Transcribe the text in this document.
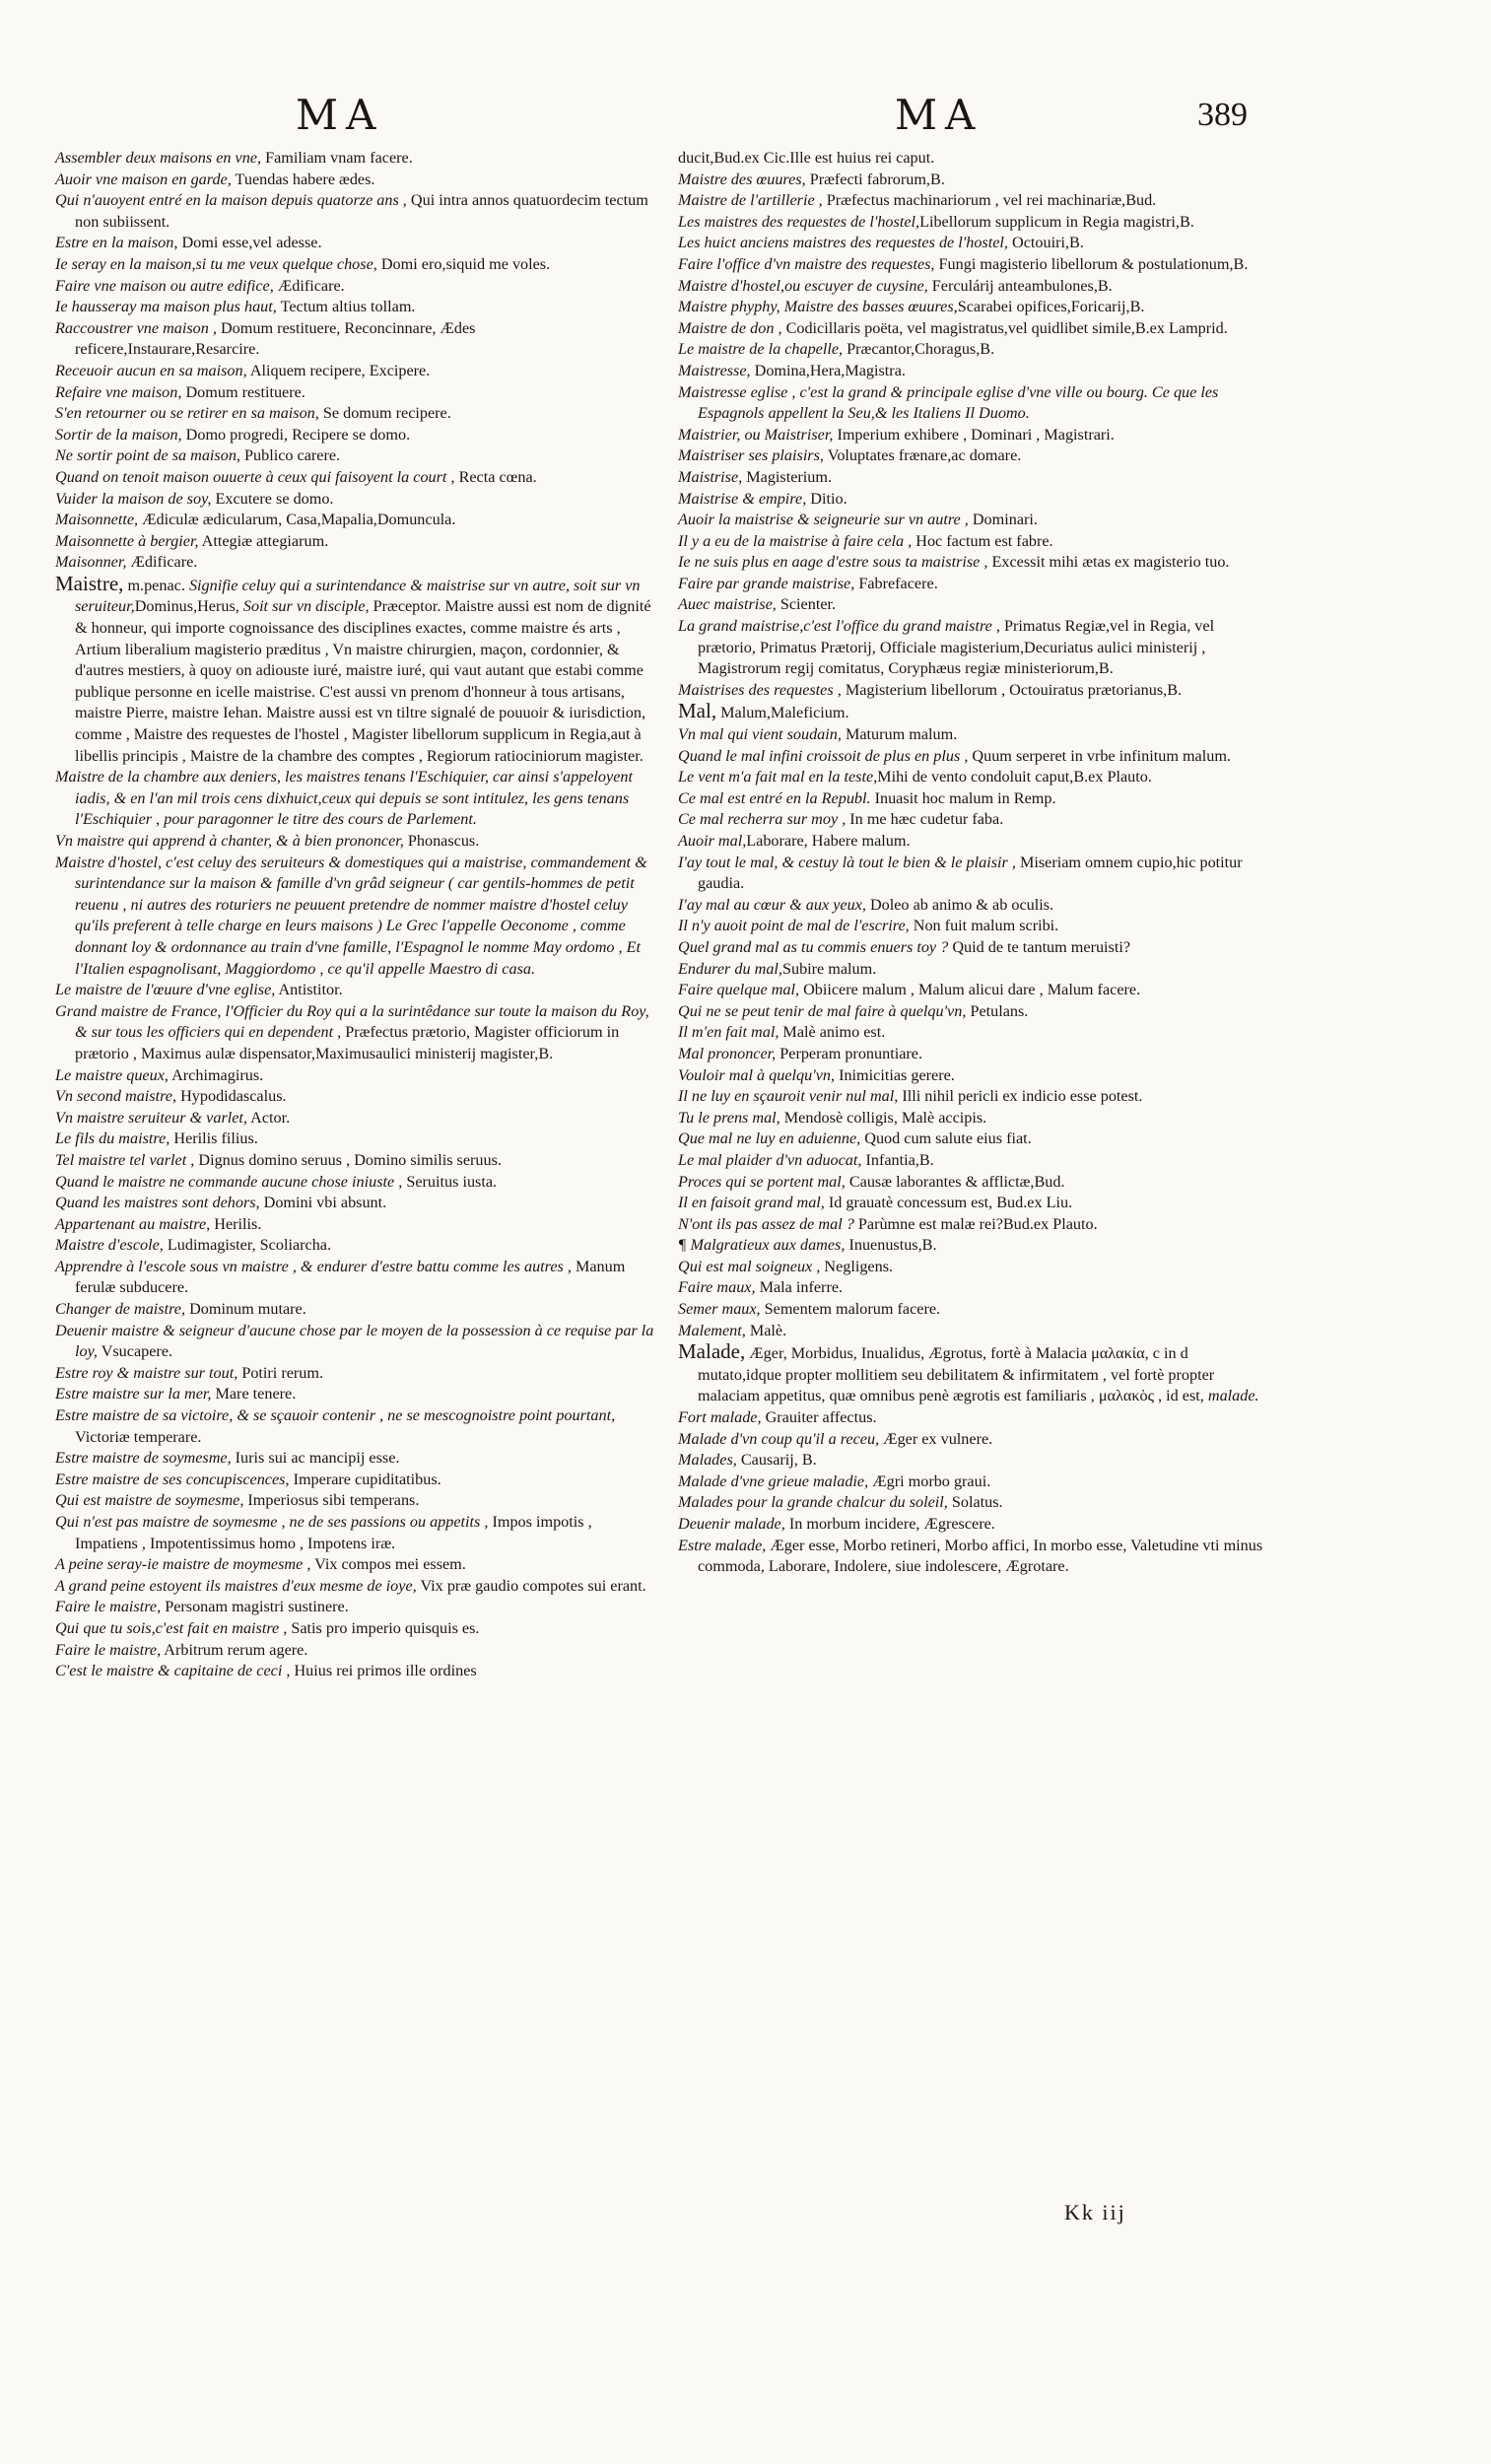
MA	MA	389

Assembler deux maisons en vne, Familiam vnam facere.

Auoir vne maison en garde, Tuendas habere ædes.

Qui n'auoyent entré en la maison depuis quatorze ans , Qui intra annos quatuordecim tectum non subiissent.

Estre en la maison, Domi esse,vel adesse.

Ie seray en la maison,si tu me veux quelque chose, Domi ero,siquid me voles.

Faire vne maison ou autre edifice, Ædificare.

Ie hausseray ma maison plus haut, Tectum altius tollam.

Raccoustrer vne maison , Domum restituere, Reconcinnare, Ædes reficere,Instaurare,Resarcire.

Receuoir aucun en sa maison, Aliquem recipere, Excipere.

Refaire vne maison, Domum restituere.

S'en retourner ou se retirer en sa maison, Se domum recipere.

Sortir de la maison, Domo progredi, Recipere se domo.

Ne sortir point de sa maison, Publico carere.

Quand on tenoit maison ouuerte à ceux qui faisoyent la court , Recta cœna.

Vuider la maison de soy, Excutere se domo.

Maisonnette, Ædiculæ ædicularum, Casa,Mapalia,Domuncula.

Maisonnette à bergier, Attegiæ attegiarum.

Maisonner, Ædificare.

Maistre, m.penac. Signifie celuy qui a surintendance & maistrise sur vn autre, soit sur vn seruiteur,Dominus,Herus, Soit sur vn disciple, Præceptor. Maistre aussi est nom de dignité & honneur, qui importe cognoissance des disciplines exactes, comme maistre és arts , Artium liberalium magisterio præditus , Vn maistre chirurgien, maçon, cordonnier, & d'autres mestiers, à quoy on adiouste iuré, maistre iuré, qui vaut autant que estabi comme publique personne en icelle maistrise. C'est aussi vn prenom d'honneur à tous artisans, maistre Pierre, maistre Iehan. Maistre aussi est vn tiltre signalé de pouuoir & iurisdiction, comme , Maistre des requestes de l'hostel , Magister libellorum supplicum in Regia,aut à libellis principis , Maistre de la chambre des comptes , Regiorum ratiociniorum magister.

Maistre de la chambre aux deniers, les maistres tenans l'Eschiquier, car ainsi s'appeloyent iadis, & en l'an mil trois cens dixhuict,ceux qui depuis se sont intitulez, les gens tenans l'Eschiquier , pour paragonner le titre des cours de Parlement.

Vn maistre qui apprend à chanter, & à bien prononcer, Phonascus.

Maistre d'hostel, c'est celuy des seruiteurs & domestiques qui a maistrise, commandement & surintendance sur la maison & famille d'vn grâd seigneur ( car gentils-hommes de petit reuenu , ni autres des roturiers ne peuuent pretendre de nommer maistre d'hostel celuy qu'ils preferent à telle charge en leurs maisons ) Le Grec l'appelle Oeconome , comme donnant loy & ordonnance au train d'vne famille, l'Espagnol le nomme May ordomo , Et l'Italien espagnolisant, Maggiordomo , ce qu'il appelle Maestro di casa.

Le maistre de l'œuure d'vne eglise, Antistitor.

Grand maistre de France, l'Officier du Roy qui a la surintêdance sur toute la maison du Roy, & sur tous les officiers qui en dependent , Præfectus prætorio, Magister officiorum in prætorio , Maximus aulæ dispensator,Maximusaulici ministerij magister,B.

Le maistre queux, Archimagirus.

Vn second maistre, Hypodidascalus.

Vn maistre seruiteur & varlet, Actor.

Le fils du maistre, Herilis filius.

Tel maistre tel varlet , Dignus domino seruus , Domino similis seruus.

Quand le maistre ne commande aucune chose iniuste , Seruitus iusta.

Quand les maistres sont dehors, Domini vbi absunt.

Appartenant au maistre, Herilis.

Maistre d'escole, Ludimagister, Scoliarcha.

Apprendre à l'escole sous vn maistre , & endurer d'estre battu comme les autres , Manum ferulæ subducere.

Changer de maistre, Dominum mutare.

Deuenir maistre & seigneur d'aucune chose par le moyen de la possession à ce requise par la loy, Vsucapere.

Estre roy & maistre sur tout, Potiri rerum.

Estre maistre sur la mer, Mare tenere.

Estre maistre de sa victoire, & se sçauoir contenir , ne se mescognoistre point pourtant, Victoriæ temperare.

Estre maistre de soymesme, Iuris sui ac mancipij esse.

Estre maistre de ses concupiscences, Imperare cupiditatibus.

Qui est maistre de soymesme, Imperiosus sibi temperans.

Qui n'est pas maistre de soymesme , ne de ses passions ou appetits , Impos impotis , Impatiens , Impotentissimus homo , Impotens iræ.

A peine seray-ie maistre de moymesme , Vix compos mei essem.

A grand peine estoyent ils maistres d'eux mesme de ioye, Vix præ gaudio compotes sui erant.

Faire le maistre, Personam magistri sustinere.

Qui que tu sois,c'est fait en maistre , Satis pro imperio quisquis es.

Faire le maistre, Arbitrum rerum agere.

C'est le maistre & capitaine de ceci , Huius rei primos ille ordines

ducit,Bud.ex Cic.Ille est huius rei caput.

Maistre des œuures, Præfecti fabrorum,B.

Maistre de l'artillerie , Præfectus machinariorum , vel rei machinariæ,Bud.

Les maistres des requestes de l'hostel,Libellorum supplicum in Regia magistri,B.

Les huict anciens maistres des requestes de l'hostel, Octouiri,B.

Faire l'office d'vn maistre des requestes, Fungi magisterio libellorum & postulationum,B.

Maistre d'hostel,ou escuyer de cuysine, Ferculárij anteambulones,B.

Maistre phyphy, Maistre des basses œuures,Scarabei opifices,Foricarij,B.

Maistre de don , Codicillaris poëta, vel magistratus,vel quidlibet simile,B.ex Lamprid.

Le maistre de la chapelle, Præcantor,Choragus,B.

Maistresse, Domina,Hera,Magistra.

Maistresse eglise , c'est la grand & principale eglise d'vne ville ou bourg. Ce que les Espagnols appellent la Seu,& les Italiens Il Duomo.

Maistrier, ou Maistriser, Imperium exhibere , Dominari , Magistrari.

Maistriser ses plaisirs, Voluptates frænare,ac domare.

Maistrise, Magisterium.

Maistrise & empire, Ditio.

Auoir la maistrise & seigneurie sur vn autre , Dominari.

Il y a eu de la maistrise à faire cela , Hoc factum est fabre.

Ie ne suis plus en aage d'estre sous ta maistrise , Excessit mihi ætas ex magisterio tuo.

Faire par grande maistrise, Fabrefacere.

Auec maistrise, Scienter.

La grand maistrise,c'est l'office du grand maistre , Primatus Regiæ,vel in Regia, vel prætorio, Primatus Prætorij, Officiale magisterium,Decuriatus aulici ministerij , Magistrorum regij comitatus, Coryphæus regiæ ministeriorum,B.

Maistrises des requestes , Magisterium libellorum , Octouiratus prætorianus,B.

Mal, Malum,Maleficium.

Vn mal qui vient soudain, Maturum malum.

Quand le mal infini croissoit de plus en plus , Quum serperet in vrbe infinitum malum.

Le vent m'a fait mal en la teste,Mihi de vento condoluit caput,B.ex Plauto.

Ce mal est entré en la Republ. Inuasit hoc malum in Remp.

Ce mal recherra sur moy , In me hæc cudetur faba.

Auoir mal,Laborare, Habere malum.

I'ay tout le mal, & cestuy là tout le bien & le plaisir , Miseriam omnem cupio,hic potitur gaudia.

I'ay mal au cœur & aux yeux, Doleo ab animo & ab oculis.

Il n'y auoit point de mal de l'escrire, Non fuit malum scribi.

Quel grand mal as tu commis enuers toy ? Quid de te tantum meruisti?

Endurer du mal,Subire malum.

Faire quelque mal, Obiicere malum , Malum alicui dare , Malum facere.

Qui ne se peut tenir de mal faire à quelqu'vn, Petulans.

Il m'en fait mal, Malè animo est.

Mal prononcer, Perperam pronuntiare.

Vouloir mal à quelqu'vn, Inimicitias gerere.

Il ne luy en sçauroit venir nul mal, Illi nihil pericli ex indicio esse potest.

Tu le prens mal, Mendosè colligis, Malè accipis.

Que mal ne luy en aduienne, Quod cum salute eius fiat.

Le mal plaider d'vn aduocat, Infantia,B.

Proces qui se portent mal, Causæ laborantes & afflictæ,Bud.

Il en faisoit grand mal, Id grauatè concessum est, Bud.ex Liu.

N'ont ils pas assez de mal ? Parùmne est malæ rei?Bud.ex Plauto.

¶ Malgratieux aux dames, Inuenustus,B.

Qui est mal soigneux , Negligens.

Faire maux, Mala inferre.

Semer maux, Sementem malorum facere.

Malement, Malè.

Malade, Æger, Morbidus, Inualidus, Ægrotus, fortè à Malacia μαλακία, c in d mutato,idque propter mollitiem seu debilitatem & infirmitatem , vel fortè propter malaciam appetitus, quæ omnibus penè ægrotis est familiaris , μαλακὸς , id est, malade.

Fort malade, Grauiter affectus.

Malade d'vn coup qu'il a receu, Æger ex vulnere.

Malades, Causarij, B.

Malade d'vne grieue maladie, Ægri morbo graui.

Malades pour la grande chalcur du soleil, Solatus.

Deuenir malade, In morbum incidere, Ægrescere.

Estre malade, Æger esse, Morbo retineri, Morbo affici, In morbo esse, Valetudine vti minus commoda, Laborare, Indolere, siue indolescere, Ægrotare.

Kk iij
